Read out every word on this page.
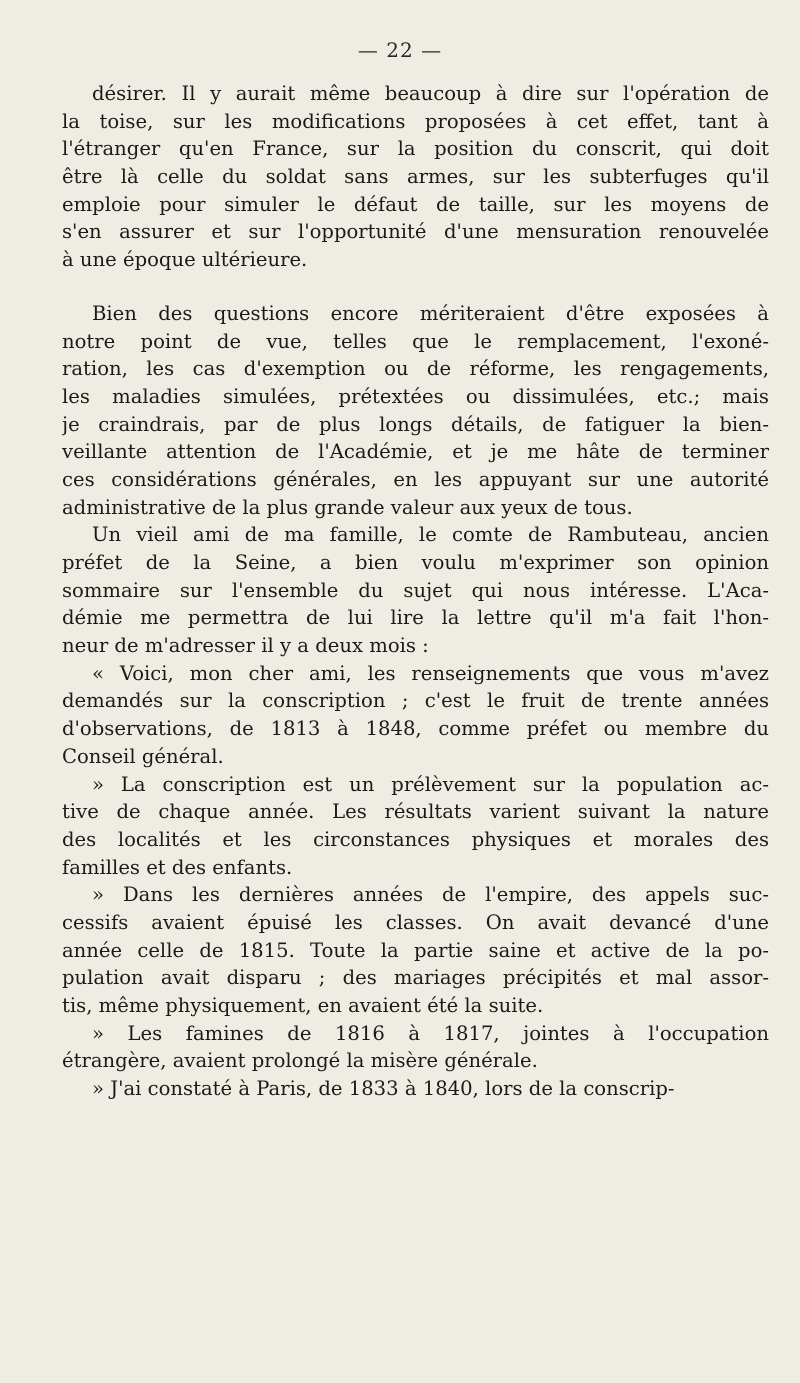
— 22 —
désirer. Il y aurait même beaucoup à dire sur l'opération de
la toise, sur les modifications proposées à cet effet, tant à
l'étranger qu'en France, sur la position du conscrit, qui doit
être là celle du soldat sans armes, sur les subterfuges qu'il
emploie pour simuler le défaut de taille, sur les moyens de
s'en assurer et sur l'opportunité d'une mensuration renouvelée
à une époque ultérieure.
Bien des questions encore mériteraient d'être exposées à
notre point de vue, telles que le remplacement, l'exoné-
ration, les cas d'exemption ou de réforme, les rengagements,
les maladies simulées, prétextées ou dissimulées, etc.; mais
je craindrais, par de plus longs détails, de fatiguer la bien-
veillante attention de l'Académie, et je me hâte de terminer
ces considérations générales, en les appuyant sur une autorité
administrative de la plus grande valeur aux yeux de tous.
Un vieil ami de ma famille, le comte de Rambuteau, ancien
préfet de la Seine, a bien voulu m'exprimer son opinion
sommaire sur l'ensemble du sujet qui nous intéresse. L'Aca-
démie me permettra de lui lire la lettre qu'il m'a fait l'hon-
neur de m'adresser il y a deux mois :
« Voici, mon cher ami, les renseignements que vous m'avez
demandés sur la conscription ; c'est le fruit de trente années
d'observations, de 1813 à 1848, comme préfet ou membre du
Conseil général.
» La conscription est un prélèvement sur la population ac-
tive de chaque année. Les résultats varient suivant la nature
des localités et les circonstances physiques et morales des
familles et des enfants.
» Dans les dernières années de l'empire, des appels suc-
cessifs avaient épuisé les classes. On avait devancé d'une
année celle de 1815. Toute la partie saine et active de la po-
pulation avait disparu ; des mariages précipités et mal assor-
tis, même physiquement, en avaient été la suite.
» Les famines de 1816 à 1817, jointes à l'occupation
étrangère, avaient prolongé la misère générale.
» J'ai constaté à Paris, de 1833 à 1840, lors de la conscrip-
